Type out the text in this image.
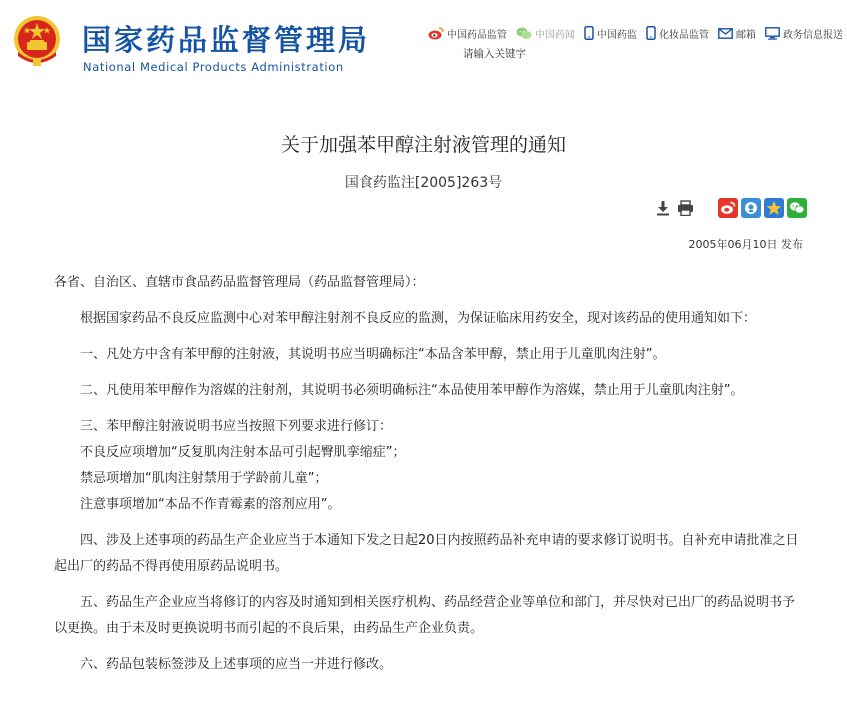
国家药品监督管理局
National Medical Products Administration
中国药品监管	中国药闻 中国药监 化妆品监管	邮箱	政务信息报送
请输入关键字
关于加强苯甲醇注射液管理的通知
国食药监注[2005]263号
2005年06月10日 发布

各省、自治区、直辖市食品药品监督管理局（药品监督管理局）：

根据国家药品不良反应监测中心对苯甲醇注射剂不良反应的监测，为保证临床用药安全，现对该药品的使用通知如下：

一、凡处方中含有苯甲醇的注射液，其说明书应当明确标注“本品含苯甲醇，禁止用于儿童肌肉注射”。

二、凡使用苯甲醇作为溶媒的注射剂，其说明书必须明确标注“本品使用苯甲醇作为溶媒，禁止用于儿童肌肉注射”。

三、苯甲醇注射液说明书应当按照下列要求进行修订：

不良反应项增加“反复肌肉注射本品可引起臀肌挛缩症”；

禁忌项增加“肌肉注射禁用于学龄前儿童”；

注意事项增加“本品不作青霉素的溶剂应用”。

四、涉及上述事项的药品生产企业应当于本通知下发之日起20日内按照药品补充申请的要求修订说明书。自补充申请批准之日起出厂的药品不得再使用原药品说明书。

五、药品生产企业应当将修订的内容及时通知到相关医疗机构、药品经营企业等单位和部门，并尽快对已出厂的药品说明书予以更换。由于未及时更换说明书而引起的不良后果，由药品生产企业负责。

六、药品包装标签涉及上述事项的应当一并进行修改。
